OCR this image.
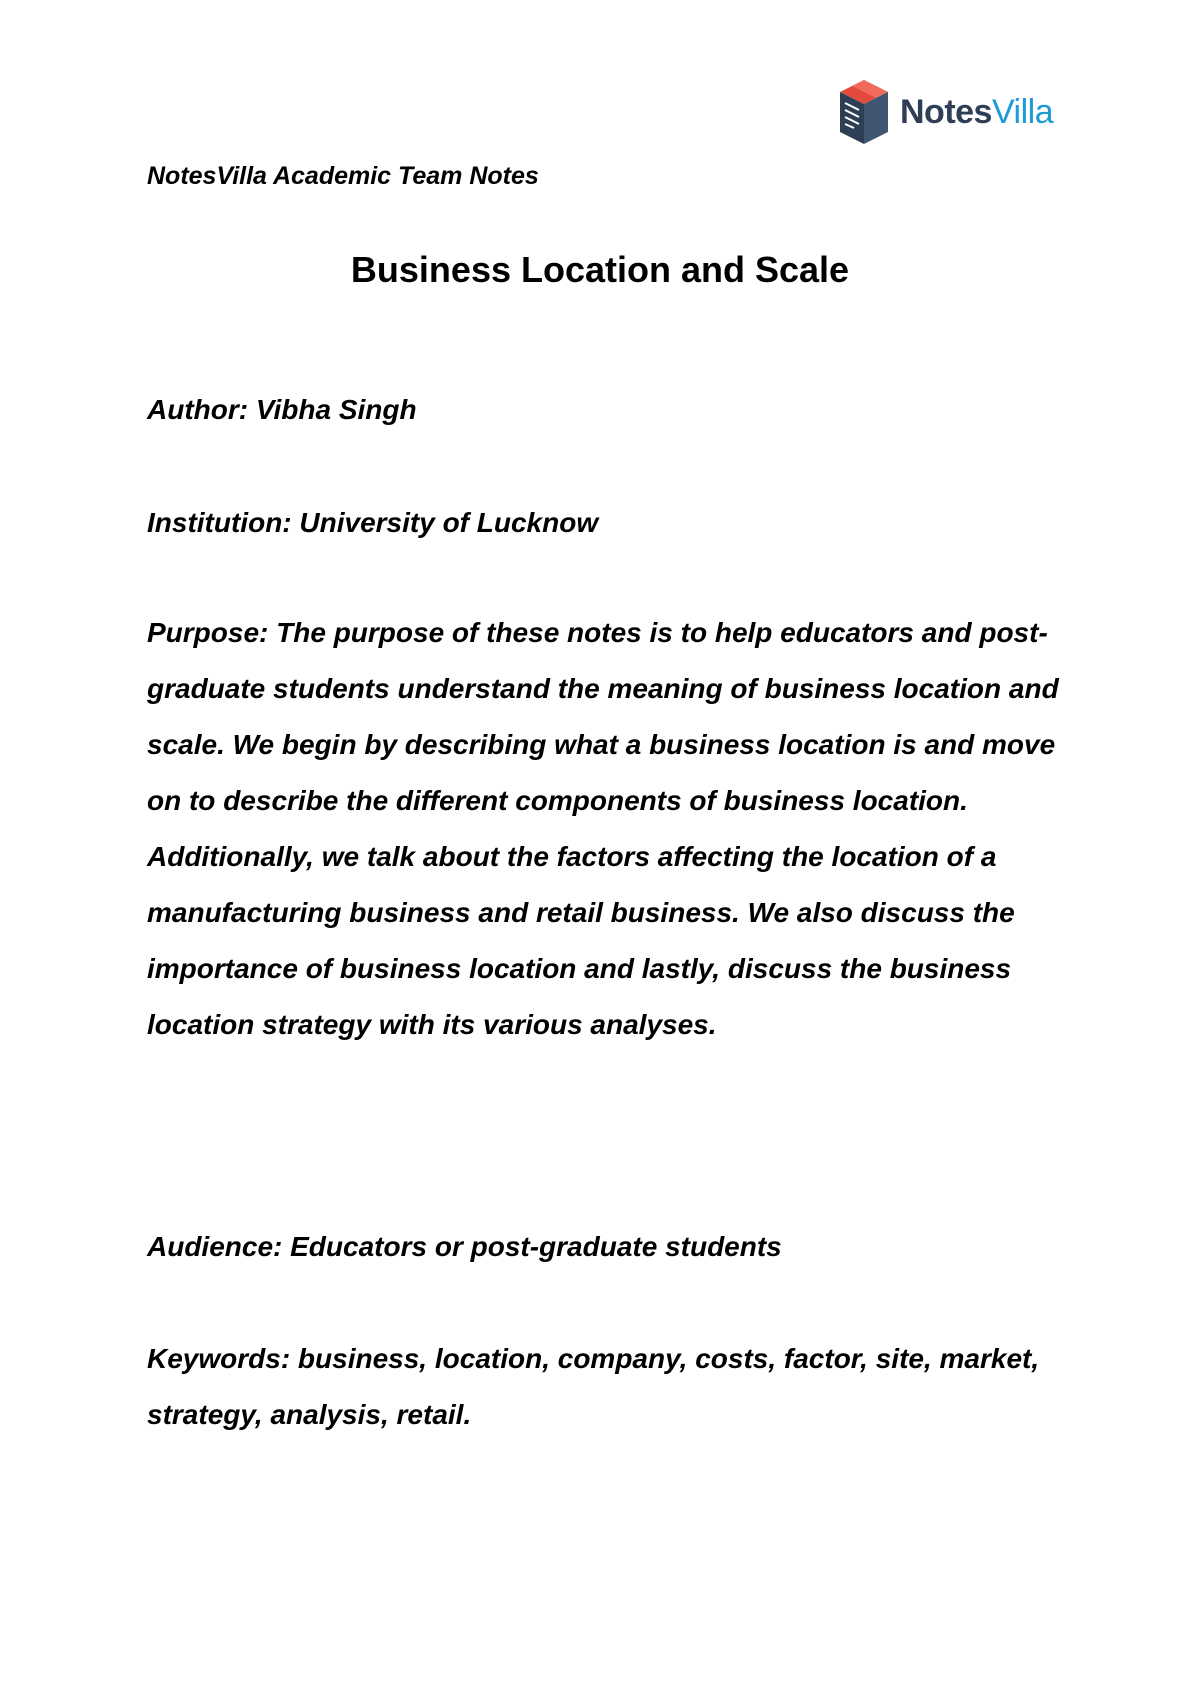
NotesVilla

NotesVilla Academic Team Notes

Business Location and Scale

Author: Vibha Singh

Institution: University of Lucknow

Purpose: The purpose of these notes is to help educators and post-graduate students understand the meaning of business location and scale. We begin by describing what a business location is and move on to describe the different components of business location. Additionally, we talk about the factors affecting the location of a manufacturing business and retail business. We also discuss the importance of business location and lastly, discuss the business location strategy with its various analyses.

Audience: Educators or post-graduate students

Keywords: business, location, company, costs, factor, site, market, strategy, analysis, retail.
